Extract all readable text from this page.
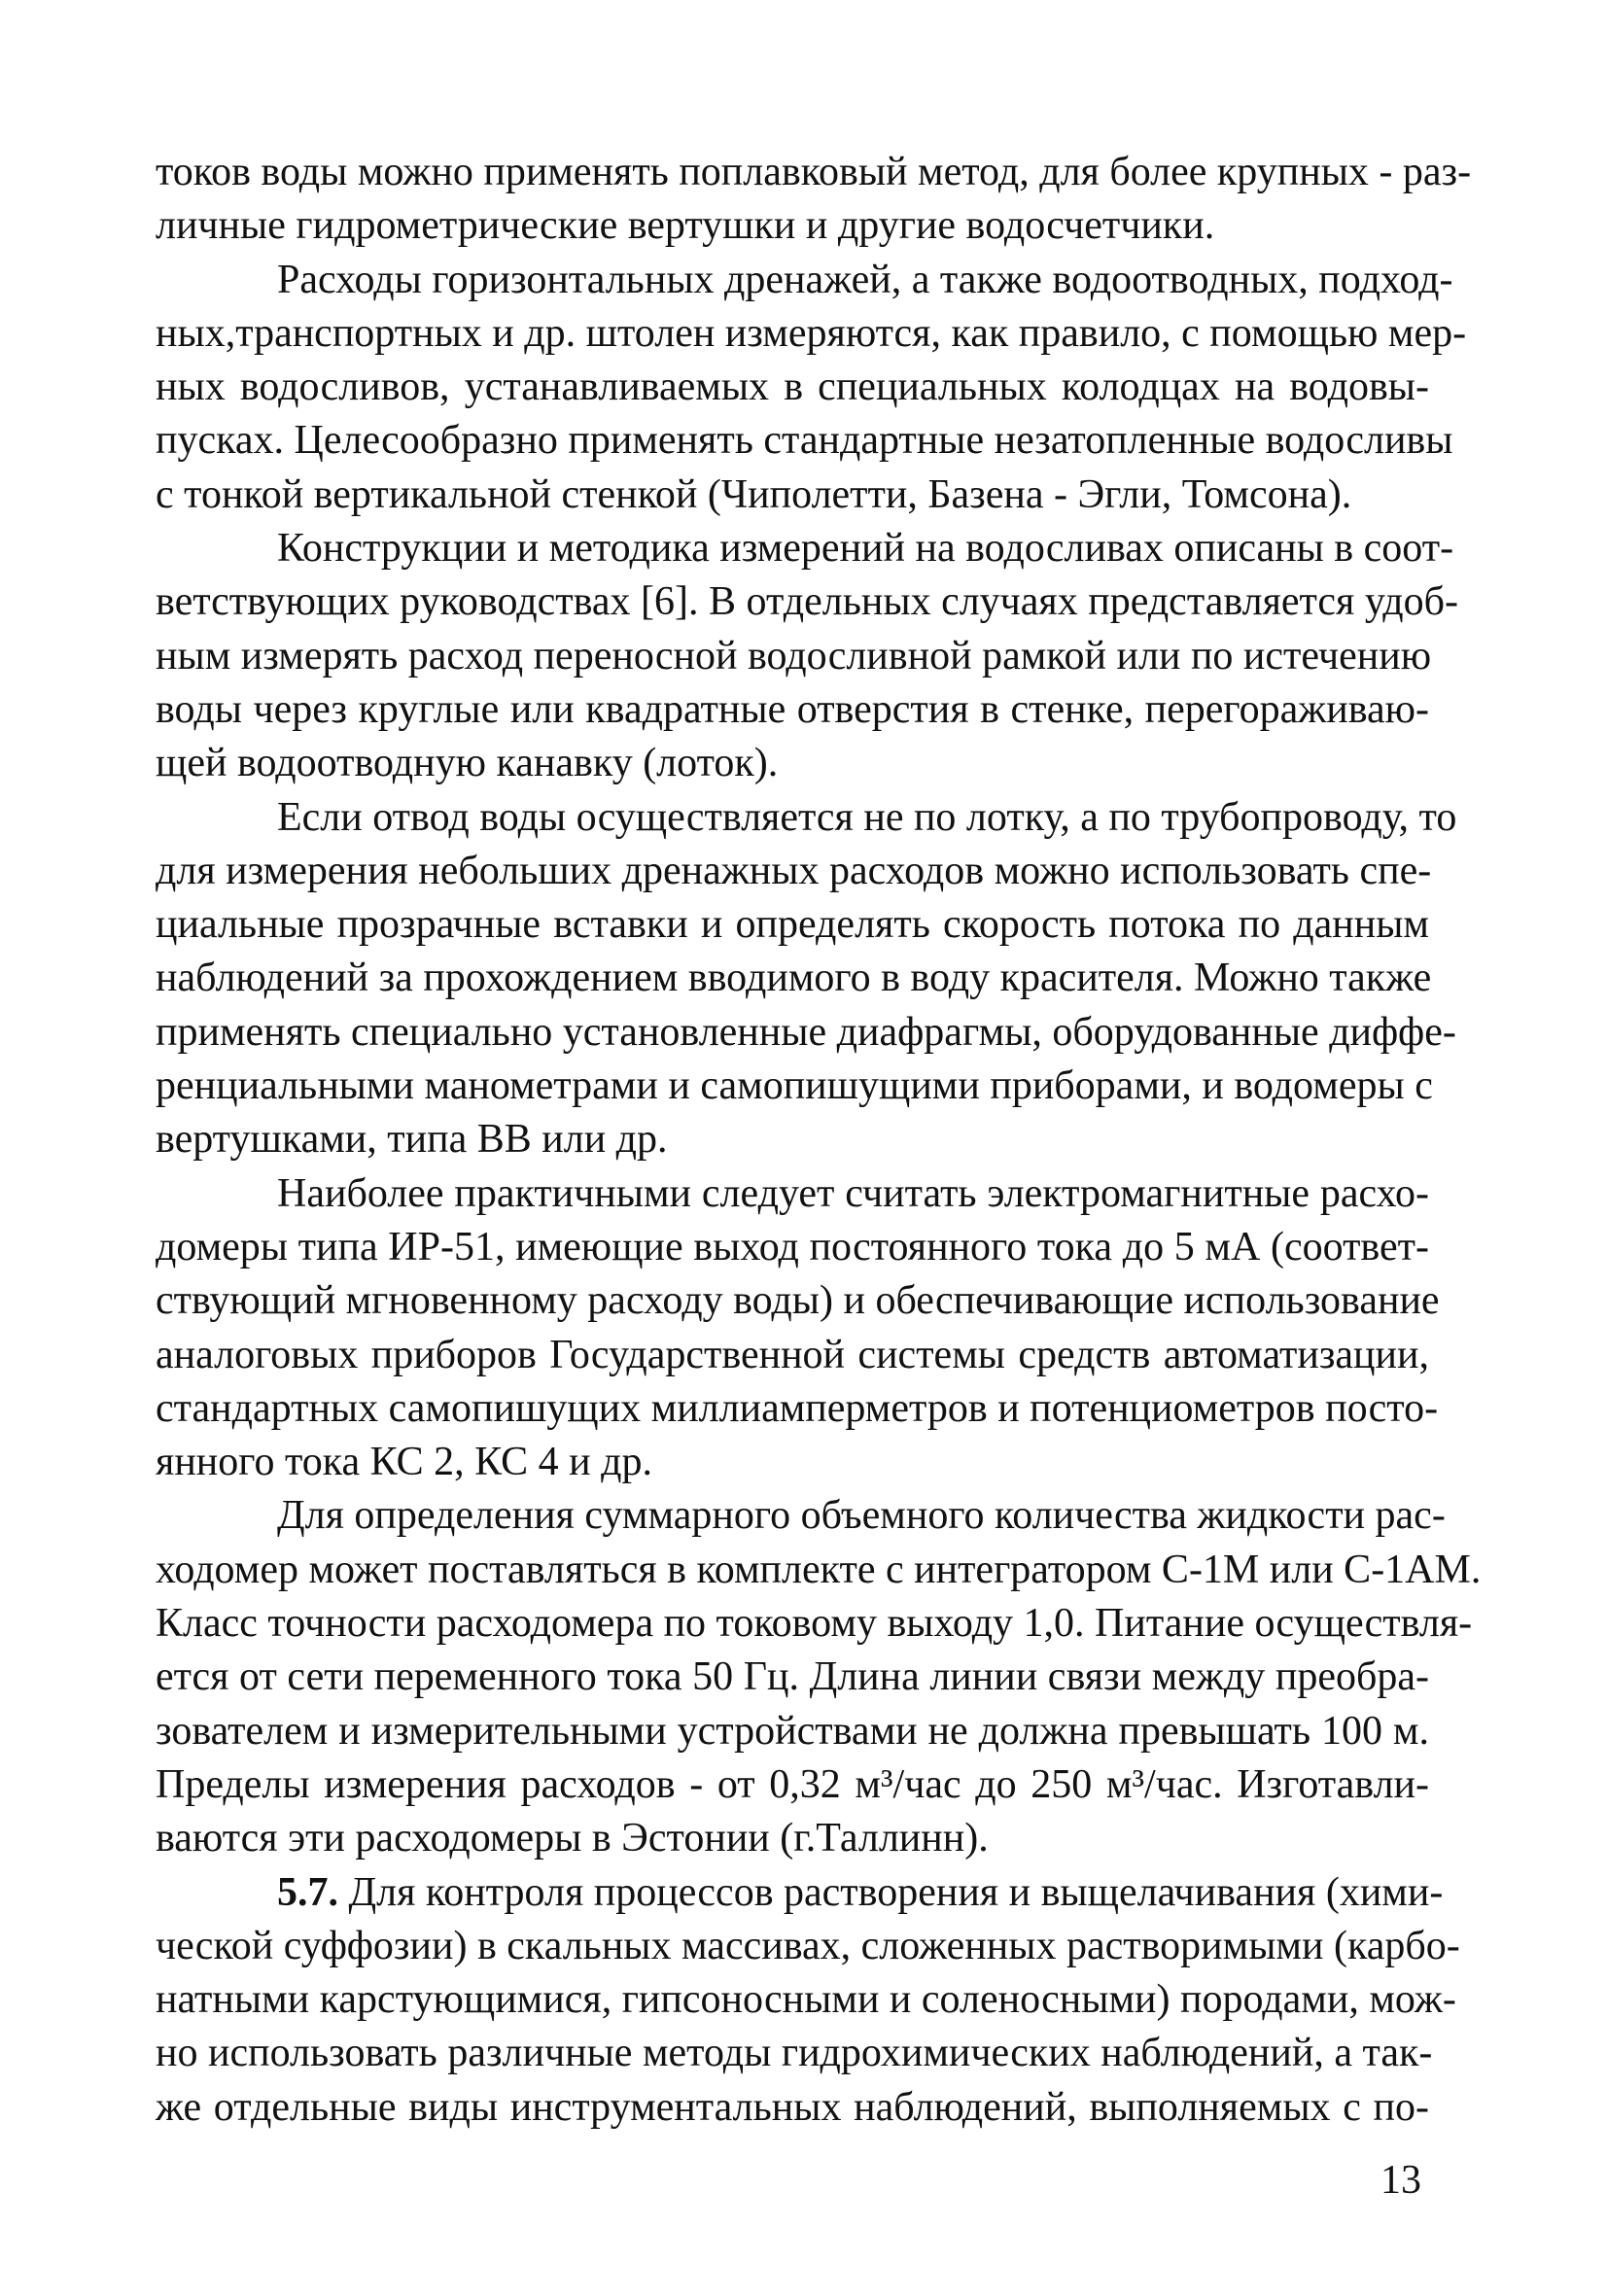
токов воды можно применять поплавковый метод, для более крупных - раз-
личные гидрометрические вертушки и другие водосчетчики.

Расходы горизонтальных дренажей, а также водоотводных, подход-
ных,транспортных и др. штолен измеряются, как правило, с помощью мер-
ных водосливов, устанавливаемых в специальных колодцах на водовы-
пусках. Целесообразно применять стандартные незатопленные водосливы
с тонкой вертикальной стенкой (Чиполетти, Базена - Эгли, Томсона).

Конструкции и методика измерений на водосливах описаны в соот-
ветствующих руководствах [6]. В отдельных случаях представляется удоб-
ным измерять расход переносной водосливной рамкой или по истечению
воды через круглые или квадратные отверстия в стенке, перегораживаю-
щей водоотводную канавку (лоток).

Если отвод воды осуществляется не по лотку, а по трубопроводу, то
для измерения небольших дренажных расходов можно использовать спе-
циальные прозрачные вставки и определять скорость потока по данным
наблюдений за прохождением вводимого в воду красителя. Можно также
применять специально установленные диафрагмы, оборудованные диффе-
ренциальными манометрами и самопишущими приборами, и водомеры с
вертушками, типа ВВ или др.

Наиболее практичными следует считать электромагнитные расхо-
домеры типа ИР-51, имеющие выход постоянного тока до 5 мА (соответ-
ствующий мгновенному расходу воды) и обеспечивающие использование
аналоговых приборов Государственной системы средств автоматизации,
стандартных самопишущих миллиамперметров и потенциометров посто-
янного тока КС 2, КС 4 и др.

Для определения суммарного объемного количества жидкости рас-
ходомер может поставляться в комплекте с интегратором С-1М или С-1АМ.
Класс точности расходомера по токовому выходу 1,0. Питание осуществля-
ется от сети переменного тока 50 Гц. Длина линии связи между преобра-
зователем и измерительными устройствами не должна превышать 100 м.
Пределы измерения расходов - от 0,32 м³/час до 250 м³/час. Изготавли-
ваются эти расходомеры в Эстонии (г.Таллинн).

5.7. Для контроля процессов растворения и выщелачивания (хими-
ческой суффозии) в скальных массивах, сложенных растворимыми (карбо-
натными карстующимися, гипсоносными и соленосными) породами, мож-
но использовать различные методы гидрохимических наблюдений, а так-
же отдельные виды инструментальных наблюдений, выполняемых с по-

13
